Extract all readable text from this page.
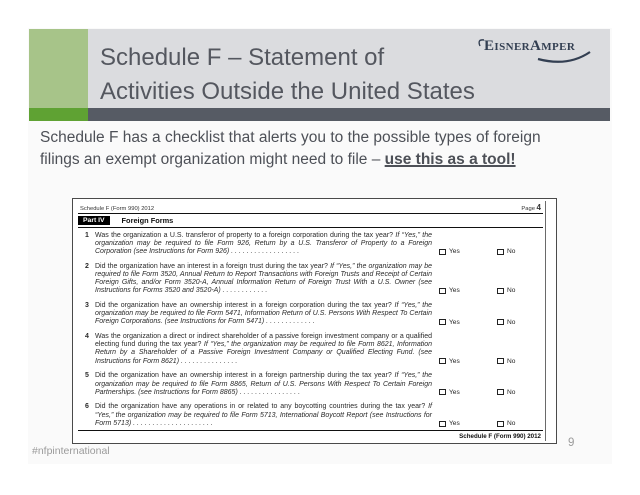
Schedule F – Statement of
Activities Outside the United States
EisnerAmper
Schedule F has a checklist that alerts you to the possible types of foreign filings an exempt organization might need to file – use this as a tool!
Schedule F (Form 990) 2012	Page 4
Part IV	Foreign Forms
1 Was the organization a U.S. transferor of property to a foreign corporation during the tax year? If “Yes,” the organization may be required to file Form 926, Return by a U.S. Transferor of Property to a Foreign Corporation (see Instructions for Form 926) . . . . . . . . . . . . . . . . . .	Yes	No
2 Did the organization have an interest in a foreign trust during the tax year? If “Yes,” the organization may be required to file Form 3520, Annual Return to Report Transactions with Foreign Trusts and Receipt of Certain Foreign Gifts, and/or Form 3520-A, Annual Information Return of Foreign Trust With a U.S. Owner (see Instructions for Forms 3520 and 3520-A) . . . . . . . . . . . .	Yes	No
3 Did the organization have an ownership interest in a foreign corporation during the tax year? If “Yes,” the organization may be required to file Form 5471, Information Return of U.S. Persons With Respect To Certain Foreign Corporations. (see Instructions for Form 5471) . . . . . . . . . . . . .	Yes	No
4 Was the organization a direct or indirect shareholder of a passive foreign investment company or a qualified electing fund during the tax year? If “Yes,” the organization may be required to file Form 8621, Information Return by a Shareholder of a Passive Foreign Investment Company or Qualified Electing Fund. (see Instructions for Form 8621) . . . . . . . . . . . . . . .	Yes	No
5 Did the organization have an ownership interest in a foreign partnership during the tax year? If “Yes,” the organization may be required to file Form 8865, Return of U.S. Persons With Respect To Certain Foreign Partnerships. (see Instructions for Form 8865) . . . . . . . . . . . . . . . .	Yes	No
6 Did the organization have any operations in or related to any boycotting countries during the tax year? If “Yes,” the organization may be required to file Form 5713, International Boycott Report (see Instructions for Form 5713) . . . . . . . . . . . . . . . . . . . . .	Yes	No
Schedule F (Form 990) 2012
#nfpinternational
9
